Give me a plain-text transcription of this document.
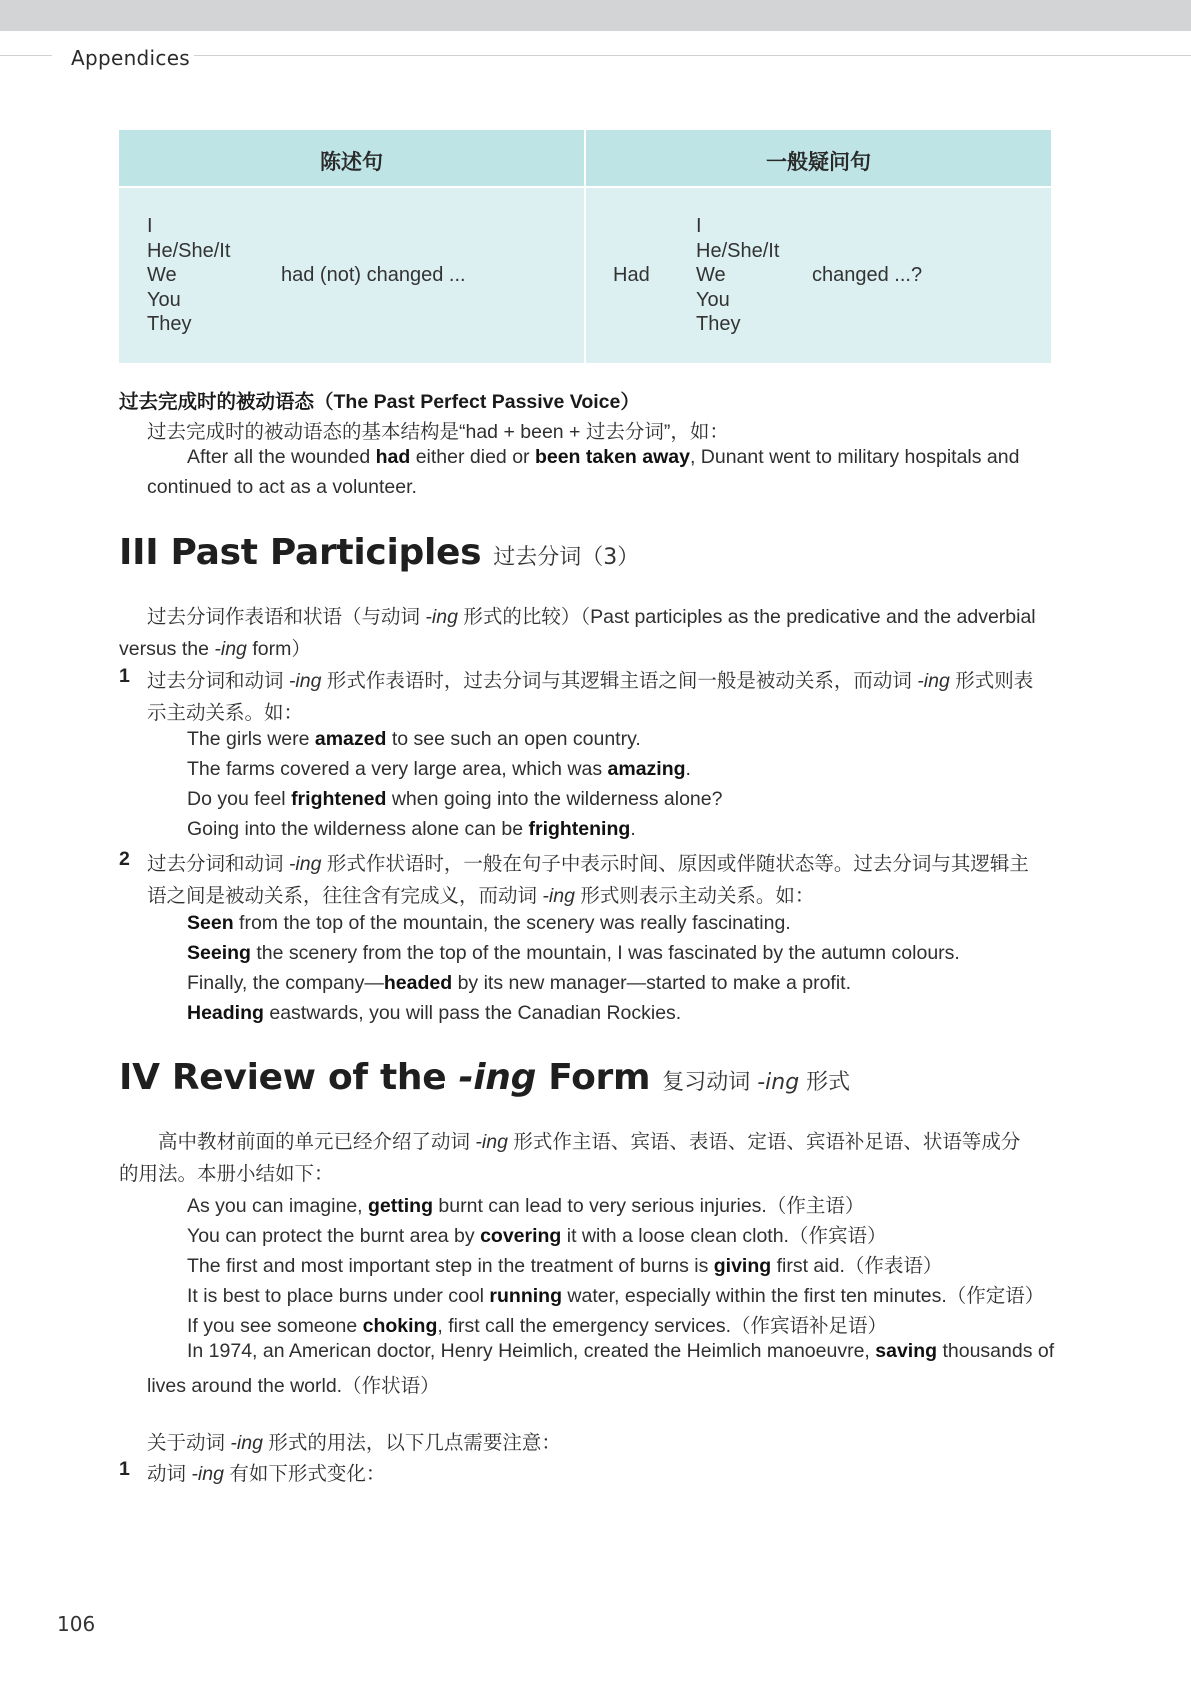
Appendices
陈述句	一般疑问句
I
He/She/It
We
You
They
had (not) changed ...	Had
I
He/She/It
We
You
They
changed ...?
过去完成时的被动语态（The Past Perfect Passive Voice）
过去完成时的被动语态的基本结构是“had + been + 过去分词”，如：
After all the wounded had either died or been taken away, Dunant went to military hospitals and
continued to act as a volunteer.
III Past Participles 过去分词（3）
过去分词作表语和状语（与动词 -ing 形式的比较）（Past participles as the predicative and the adverbial
versus the -ing form）
1 过去分词和动词 -ing 形式作表语时，过去分词与其逻辑主语之间一般是被动关系，而动词 -ing 形式则表
示主动关系。如：
The girls were amazed to see such an open country.
The farms covered a very large area, which was amazing.
Do you feel frightened when going into the wilderness alone?
Going into the wilderness alone can be frightening.
2 过去分词和动词 -ing 形式作状语时，一般在句子中表示时间、原因或伴随状态等。过去分词与其逻辑主
语之间是被动关系，往往含有完成义，而动词 -ing 形式则表示主动关系。如：
Seen from the top of the mountain, the scenery was really fascinating.
Seeing the scenery from the top of the mountain, I was fascinated by the autumn colours.
Finally, the company—headed by its new manager—started to make a profit.
Heading eastwards, you will pass the Canadian Rockies.
IV Review of the -ing Form 复习动词 -ing 形式
高中教材前面的单元已经介绍了动词 -ing 形式作主语、宾语、表语、定语、宾语补足语、状语等成分
的用法。本册小结如下：
As you can imagine, getting burnt can lead to very serious injuries.（作主语）
You can protect the burnt area by covering it with a loose clean cloth.（作宾语）
The first and most important step in the treatment of burns is giving first aid.（作表语）
It is best to place burns under cool running water, especially within the first ten minutes.（作定语）
If you see someone choking, first call the emergency services.（作宾语补足语）
In 1974, an American doctor, Henry Heimlich, created the Heimlich manoeuvre, saving thousands of
lives around the world.（作状语）
关于动词 -ing 形式的用法，以下几点需要注意：
1 动词 -ing 有如下形式变化：
106
